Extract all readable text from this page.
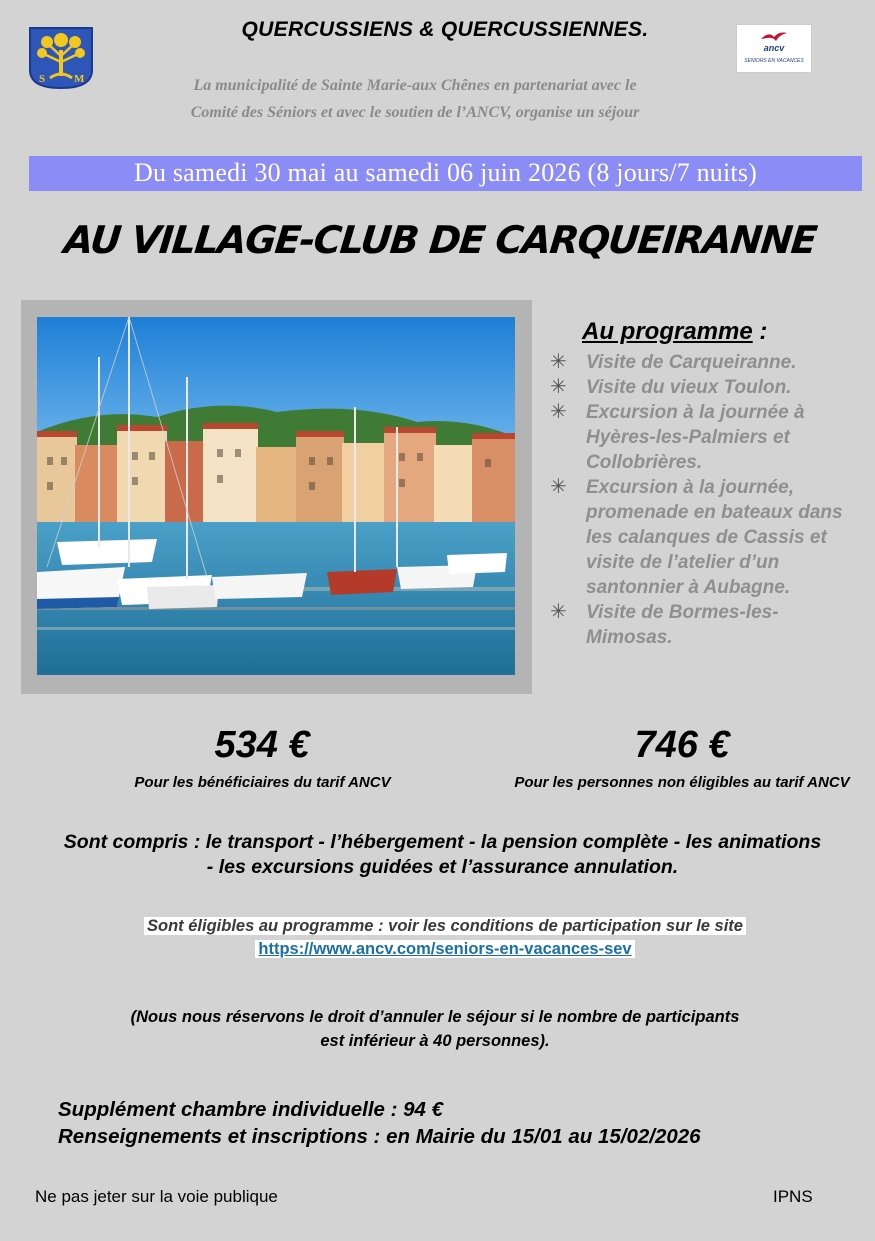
S	M
ancv
SENIORS EN VACANCES
QUERCUSSIENS & QUERCUSSIENNES.
La municipalité de Sainte Marie-aux Chênes en partenariat avec le
Comité des Séniors et avec le soutien de l’ANCV, organise un séjour
Du samedi 30 mai au samedi 06 juin 2026 (8 jours/7 nuits)
AU VILLAGE-CLUB DE CARQUEIRANNE
Au programme :
✳ Visite de Carqueiranne.
✳ Visite du vieux Toulon.
✳ Excursion à la journée à Hyères-les-Palmiers et Collobrières.
✳ Excursion à la journée, promenade en bateaux dans les calanques de Cassis et visite de l’atelier d’un santonnier à Aubagne.
✳ Visite de Bormes-les-Mimosas.
534 €
Pour les bénéficiaires du tarif ANCV
746 €
Pour les personnes non éligibles au tarif ANCV
Sont compris : le transport - l’hébergement - la pension complète - les animations
- les excursions guidées et l’assurance annulation.
Sont éligibles au programme : voir les conditions de participation sur le site
https://www.ancv.com/seniors-en-vacances-sev
(Nous nous réservons le droit d’annuler le séjour si le nombre de participants
est inférieur à 40 personnes).
Supplément chambre individuelle : 94 €
Renseignements et inscriptions : en Mairie du 15/01 au 15/02/2026
Ne pas jeter sur la voie publique	IPNS
